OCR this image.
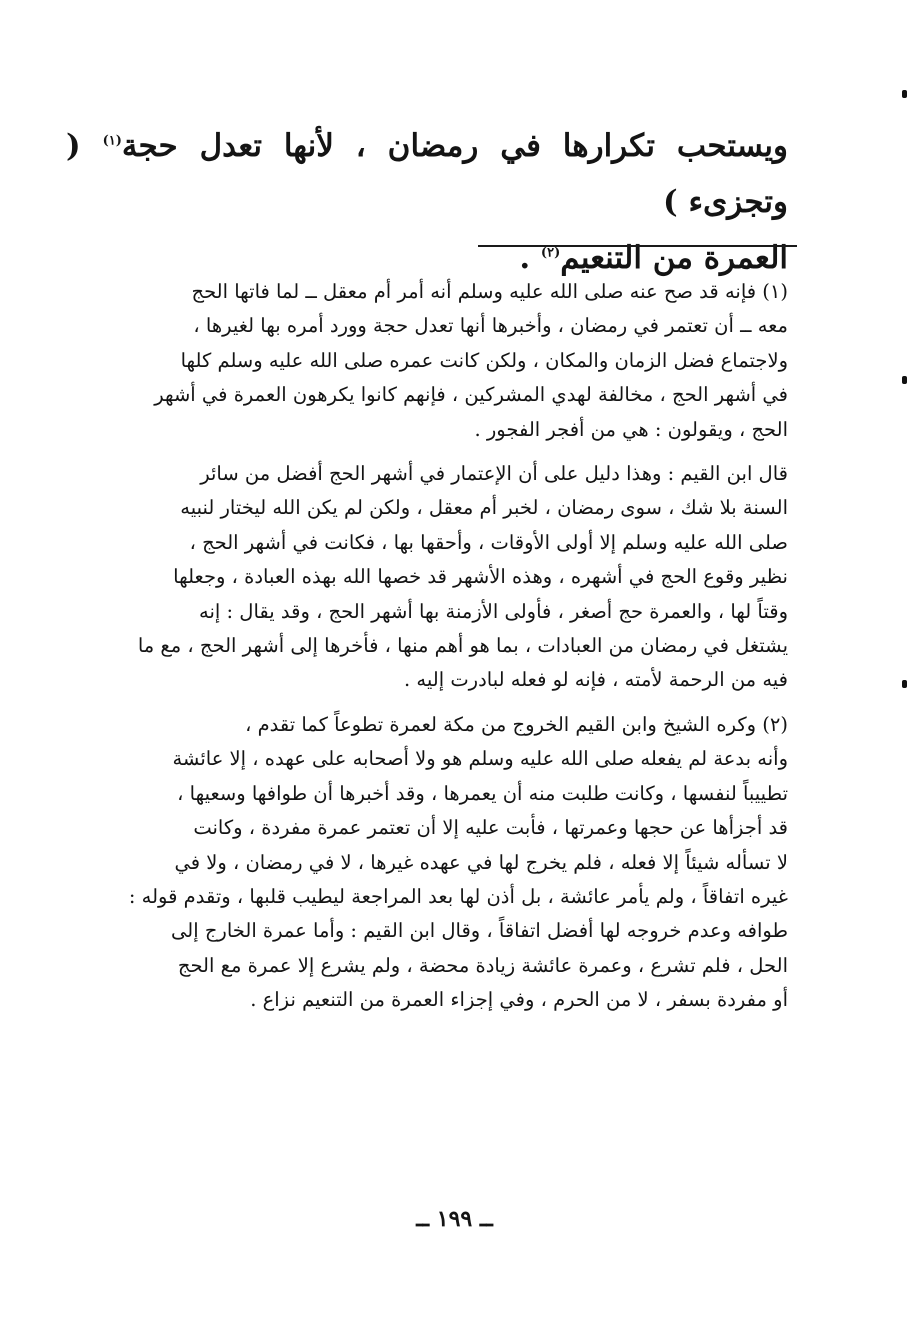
ويستحب تكرارها في رمضان ، لأنها تعدل حجة$^{(١)}$ ( وتجزىء )

العمرة من التنعيم$^{(٢)}$ .

(١) فإنه قد صح عنه صلى الله عليه وسلم أنه أمر أم معقل ــ لما فاتها الحج
معه ــ أن تعتمر في رمضان ، وأخبرها أنها تعدل حجة وورد أمره بها لغيرها ،
ولاجتماع فضل الزمان والمكان ، ولكن كانت عمره صلى الله عليه وسلم كلها
في أشهر الحج ، مخالفة لهدي المشركين ، فإنهم كانوا يكرهون العمرة في أشهر
الحج ، ويقولون : هي من أفجر الفجور .
قال ابن القيم : وهذا دليل على أن الإعتمار في أشهر الحج أفضل من سائر
السنة بلا شك ، سوى رمضان ، لخبر أم معقل ، ولكن لم يكن الله ليختار لنبيه
صلى الله عليه وسلم إلا أولى الأوقات ، وأحقها بها ، فكانت في أشهر الحج ،
نظير وقوع الحج في أشهره ، وهذه الأشهر قد خصها الله بهذه العبادة ، وجعلها
وقتاً لها ، والعمرة حج أصغر ، فأولى الأزمنة بها أشهر الحج ، وقد يقال : إنه
يشتغل في رمضان من العبادات ، بما هو أهم منها ، فأخرها إلى أشهر الحج ، مع ما
فيه من الرحمة لأمته ، فإنه لو فعله لبادرت إليه .
(٢) وكره الشيخ وابن القيم الخروج من مكة لعمرة تطوعاً كما تقدم ،
وأنه بدعة لم يفعله صلى الله عليه وسلم هو ولا أصحابه على عهده ، إلا عائشة
تطييباً لنفسها ، وكانت طلبت منه أن يعمرها ، وقد أخبرها أن طوافها وسعيها ،
قد أجزأها عن حجها وعمرتها ، فأبت عليه إلا أن تعتمر عمرة مفردة ، وكانت
لا تسأله شيئاً إلا فعله ، فلم يخرج لها في عهده غيرها ، لا في رمضان ، ولا في
غيره اتفاقاً ، ولم يأمر عائشة ، بل أذن لها بعد المراجعة ليطيب قلبها ، وتقدم قوله :
طوافه وعدم خروجه لها أفضل اتفاقاً ، وقال ابن القيم : وأما عمرة الخارج إلى
الحل ، فلم تشرع ، وعمرة عائشة زيادة محضة ، ولم يشرع إلا عمرة مع الحج
أو مفردة بسفر ، لا من الحرم ، وفي إجزاء العمرة من التنعيم نزاع .
ــ ١٩٩ ــ
